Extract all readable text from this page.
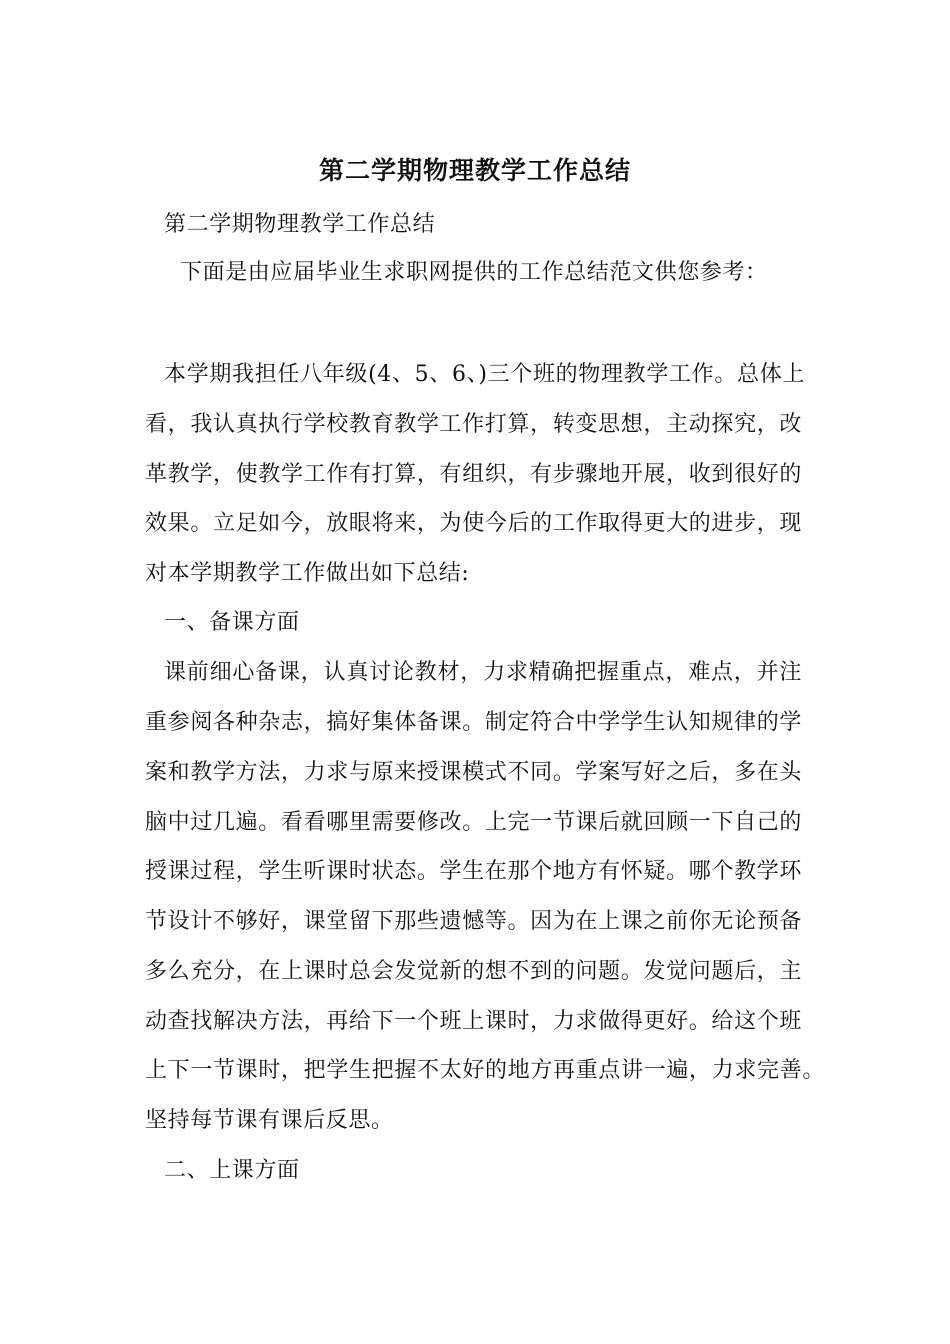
第二学期物理教学工作总结
第二学期物理教学工作总结
下面是由应届毕业生求职网提供的工作总结范文供您参考：
本学期我担任八年级(4、5、6、)三个班的物理教学工作。总体上
看，我认真执行学校教育教学工作打算，转变思想，主动探究，改
革教学，使教学工作有打算，有组织，有步骤地开展，收到很好的
效果。立足如今，放眼将来，为使今后的工作取得更大的进步，现
对本学期教学工作做出如下总结:
一、备课方面
课前细心备课，认真讨论教材，力求精确把握重点，难点，并注
重参阅各种杂志，搞好集体备课。制定符合中学学生认知规律的学
案和教学方法，力求与原来授课模式不同。学案写好之后，多在头
脑中过几遍。看看哪里需要修改。上完一节课后就回顾一下自己的
授课过程，学生听课时状态。学生在那个地方有怀疑。哪个教学环
节设计不够好，课堂留下那些遗憾等。因为在上课之前你无论预备
多么充分，在上课时总会发觉新的想不到的问题。发觉问题后，主
动查找解决方法，再给下一个班上课时，力求做得更好。给这个班
上下一节课时，把学生把握不太好的地方再重点讲一遍，力求完善。
坚持每节课有课后反思。
二、上课方面
